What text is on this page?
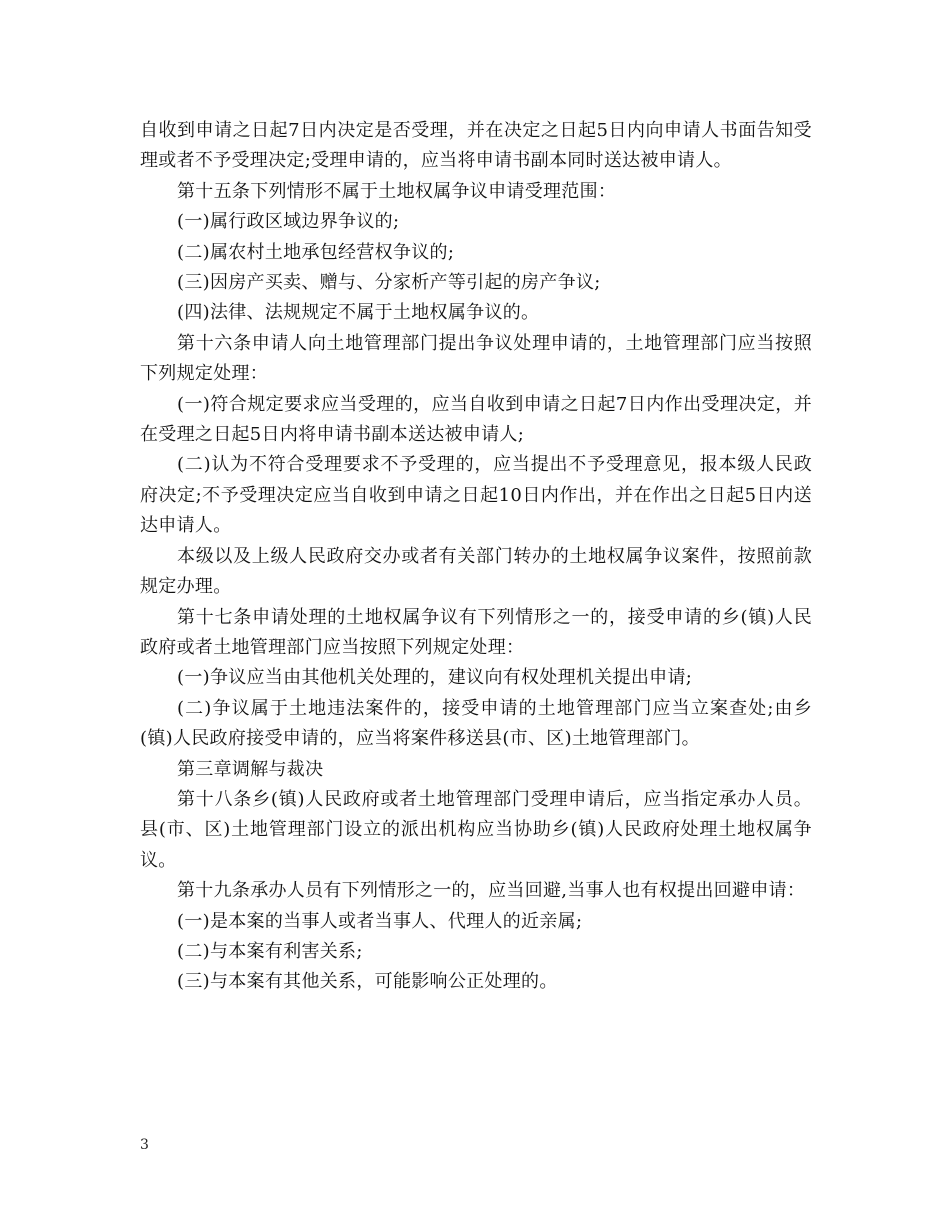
自收到申请之日起7日内决定是否受理，并在决定之日起5日内向申请人书面告知受理或者不予受理决定;受理申请的，应当将申请书副本同时送达被申请人。

第十五条下列情形不属于土地权属争议申请受理范围：

(一)属行政区域边界争议的;

(二)属农村土地承包经营权争议的;

(三)因房产买卖、赠与、分家析产等引起的房产争议;

(四)法律、法规规定不属于土地权属争议的。

第十六条申请人向土地管理部门提出争议处理申请的，土地管理部门应当按照下列规定处理：

(一)符合规定要求应当受理的，应当自收到申请之日起7日内作出受理决定，并在受理之日起5日内将申请书副本送达被申请人;

(二)认为不符合受理要求不予受理的，应当提出不予受理意见，报本级人民政府决定;不予受理决定应当自收到申请之日起10日内作出，并在作出之日起5日内送达申请人。

本级以及上级人民政府交办或者有关部门转办的土地权属争议案件，按照前款规定办理。

第十七条申请处理的土地权属争议有下列情形之一的，接受申请的乡(镇)人民政府或者土地管理部门应当按照下列规定处理：

(一)争议应当由其他机关处理的，建议向有权处理机关提出申请;

(二)争议属于土地违法案件的，接受申请的土地管理部门应当立案查处;由乡(镇)人民政府接受申请的，应当将案件移送县(市、区)土地管理部门。

第三章调解与裁决

第十八条乡(镇)人民政府或者土地管理部门受理申请后，应当指定承办人员。县(市、区)土地管理部门设立的派出机构应当协助乡(镇)人民政府处理土地权属争议。

第十九条承办人员有下列情形之一的，应当回避,当事人也有权提出回避申请：

(一)是本案的当事人或者当事人、代理人的近亲属;

(二)与本案有利害关系;

(三)与本案有其他关系，可能影响公正处理的。

3
